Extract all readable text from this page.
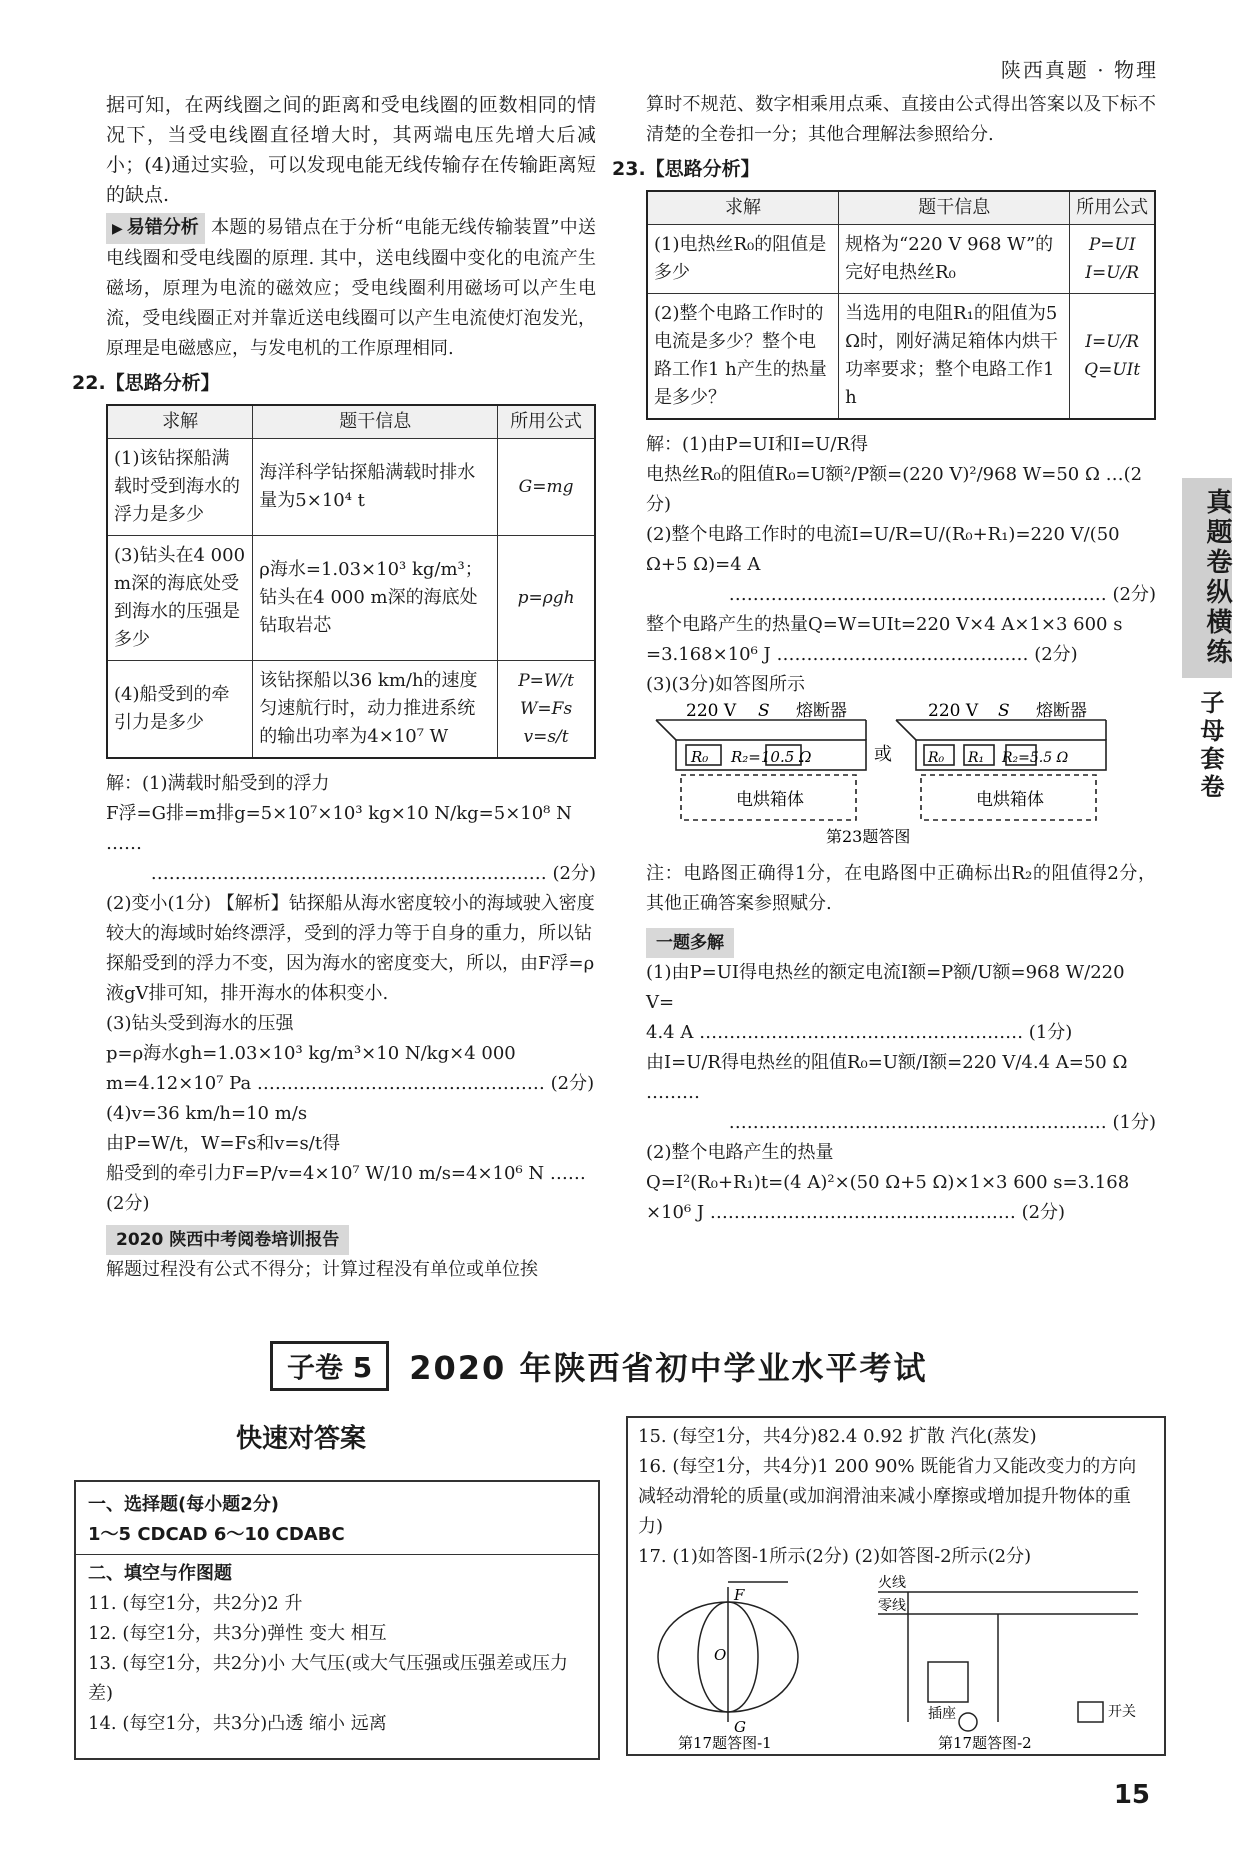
陕西真题 · 物理
真题卷纵横练
子母套卷

据可知，在两线圈之间的距离和受电线圈的匝数相同的情况下，当受电线圈直径增大时，其两端电压先增大后减小；(4)通过实验，可以发现电能无线传输存在传输距离短的缺点.

▶ 易错分析 本题的易错点在于分析“电能无线传输装置”中送电线圈和受电线圈的原理. 其中，送电线圈中变化的电流产生磁场，原理为电流的磁效应；受电线圈利用磁场可以产生电流，受电线圈正对并靠近送电线圈可以产生电流使灯泡发光，原理是电磁感应，与发电机的工作原理相同.

22.【思路分析】
求解	题干信息	所用公式
(1)该钻探船满载时受到海水的浮力是多少	海洋科学钻探船满载时排水量为5×10⁴ t	G=mg
(3)钻头在4 000 m深的海底处受到海水的压强是多少	ρ海水=1.03×10³ kg/m³；钻头在4 000 m深的海底处钻取岩芯	p=ρgh
(4)船受到的牵引力是多少	该钻探船以36 km/h的速度匀速航行时，动力推进系统的输出功率为4×10⁷ W	P=W/t W=Fs v=s/t
解：(1)满载时船受到的浮力
F浮=G排=m排g=5×10⁷×10³ kg×10 N/kg=5×10⁸ N ……
………………………………………………………… (2分)
(2)变小(1分) 【解析】钻探船从海水密度较小的海域驶入密度较大的海域时始终漂浮，受到的浮力等于自身的重力，所以钻探船受到的浮力不变，因为海水的密度变大，所以，由F浮=ρ液gV排可知，排开海水的体积变小.
(3)钻头受到海水的压强
p=ρ海水gh=1.03×10³ kg/m³×10 N/kg×4 000 m=4.12×10⁷ Pa ………………………………………… (2分)
(4)v=36 km/h=10 m/s
由P=W/t，W=Fs和v=s/t得
船受到的牵引力F=P/v=4×10⁷ W/10 m/s=4×10⁶ N …… (2分)
2020 陕西中考阅卷培训报告
解题过程没有公式不得分；计算过程没有单位或单位挨

算时不规范、数字相乘用点乘、直接由公式得出答案以及下标不清楚的全卷扣一分；其他合理解法参照给分.

23.【思路分析】
求解	题干信息	所用公式
(1)电热丝R₀的阻值是多少	规格为“220 V 968 W”的完好电热丝R₀	P=UI I=U/R
(2)整个电路工作时的电流是多少？整个电路工作1 h产生的热量是多少？	当选用的电阻R₁的阻值为5 Ω时，刚好满足箱体内烘干功率要求；整个电路工作1 h	I=U/R Q=UIt
解：(1)由P=UI和I=U/R得
电热丝R₀的阻值R₀=U额²/P额=(220 V)²/968 W=50 Ω …(2分)
(2)整个电路工作时的电流I=U/R=U/(R₀+R₁)=220 V/(50 Ω+5 Ω)=4 A
……………………………………………………… (2分)
整个电路产生的热量Q=W=UIt=220 V×4 A×1×3 600 s
=3.168×10⁶ J …………………………………… (2分)
(3)(3分)如答图所示
220 V S 熔断器
R₀ R₂=10.5 Ω
电烘箱体
或
220 V S 熔断器
R₀ R₁ R₂=5.5 Ω
电烘箱体
第23题答图

注：电路图正确得1分，在电路图中正确标出R₂的阻值得2分，其他正确答案参照赋分.

一题多解
(1)由P=UI得电热丝的额定电流I额=P额/U额=968 W/220 V=
4.4 A ……………………………………………… (1分)
由I=U/R得电热丝的阻值R₀=U额/I额=220 V/4.4 A=50 Ω ………
……………………………………………………… (1分)
(2)整个电路产生的热量
Q=I²(R₀+R₁)t=(4 A)²×(50 Ω+5 Ω)×1×3 600 s=3.168
×10⁶ J …………………………………………… (2分)
子卷 5	2020 年陕西省初中学业水平考试
快速对答案
一、选择题(每小题2分)
1～5 CDCAD 6～10 CDABC
二、填空与作图题
11. (每空1分，共2分)2 升
12. (每空1分，共3分)弹性 变大 相互
13. (每空1分，共2分)小 大气压(或大气压强或压强差或压力差)
14. (每空1分，共3分)凸透 缩小 远离
15. (每空1分，共4分)82.4 0.92 扩散 汽化(蒸发)
16. (每空1分，共4分)1 200 90% 既能省力又能改变力的方向 减轻动滑轮的质量(或加润滑油来减小摩擦或增加提升物体的重力)
17. (1)如答图-1所示(2分) (2)如答图-2所示(2分)
F
O
G
火线
零线
插座	开关
第17题答图-1	第17题答图-2
15
